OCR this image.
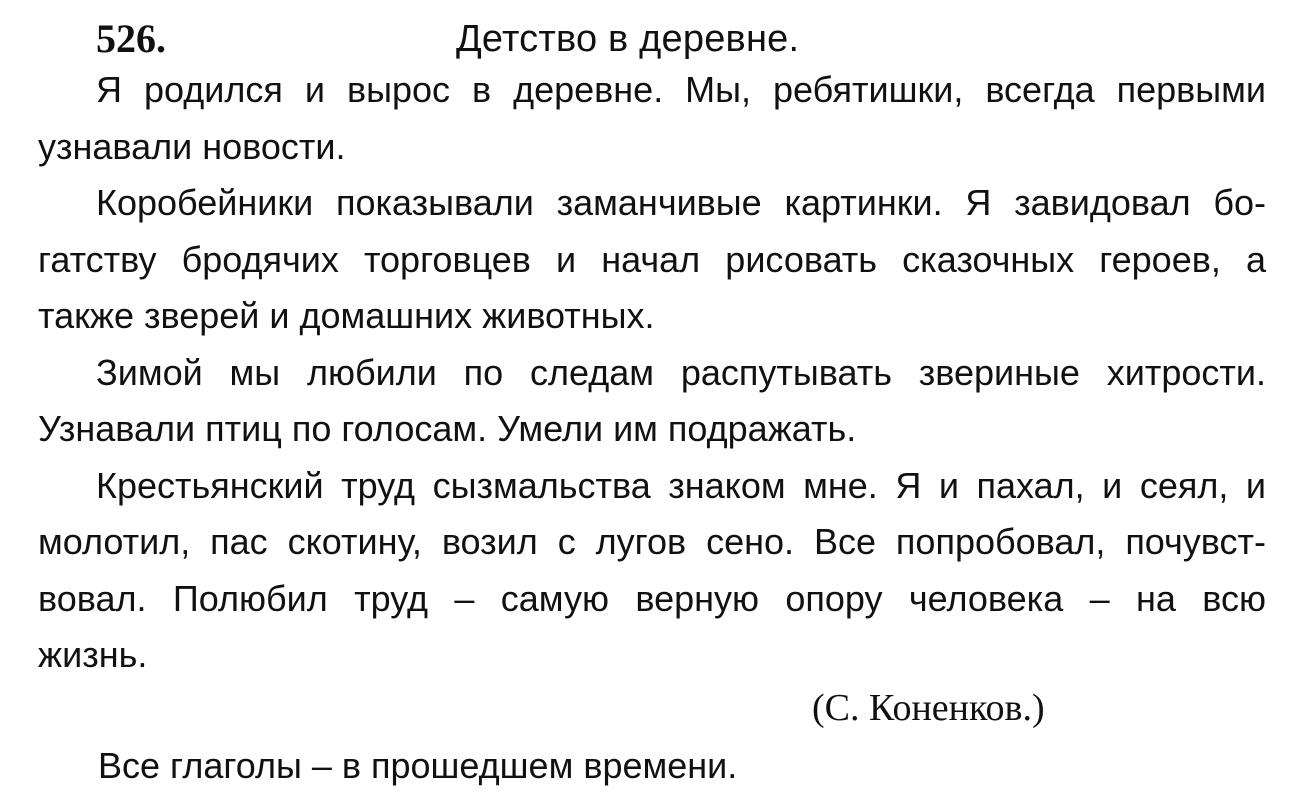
526.	Детство в деревне.

Я родился и вырос в деревне. Мы, ребятишки, всегда первыми
узнавали новости.

Коробейники показывали заманчивые картинки. Я завидовал бо-
гатству бродячих торговцев и начал рисовать сказочных героев, а
также зверей и домашних животных.

Зимой мы любили по следам распутывать звериные хитрости.
Узнавали птиц по голосам. Умели им подражать.

Крестьянский труд сызмальства знаком мне. Я и пахал, и сеял, и
молотил, пас скотину, возил с лугов сено. Все попробовал, почувст-
вовал. Полюбил труд – самую верную опору человека – на всю
жизнь.

(С. Коненков.)
Все глаголы – в прошедшем времени.
